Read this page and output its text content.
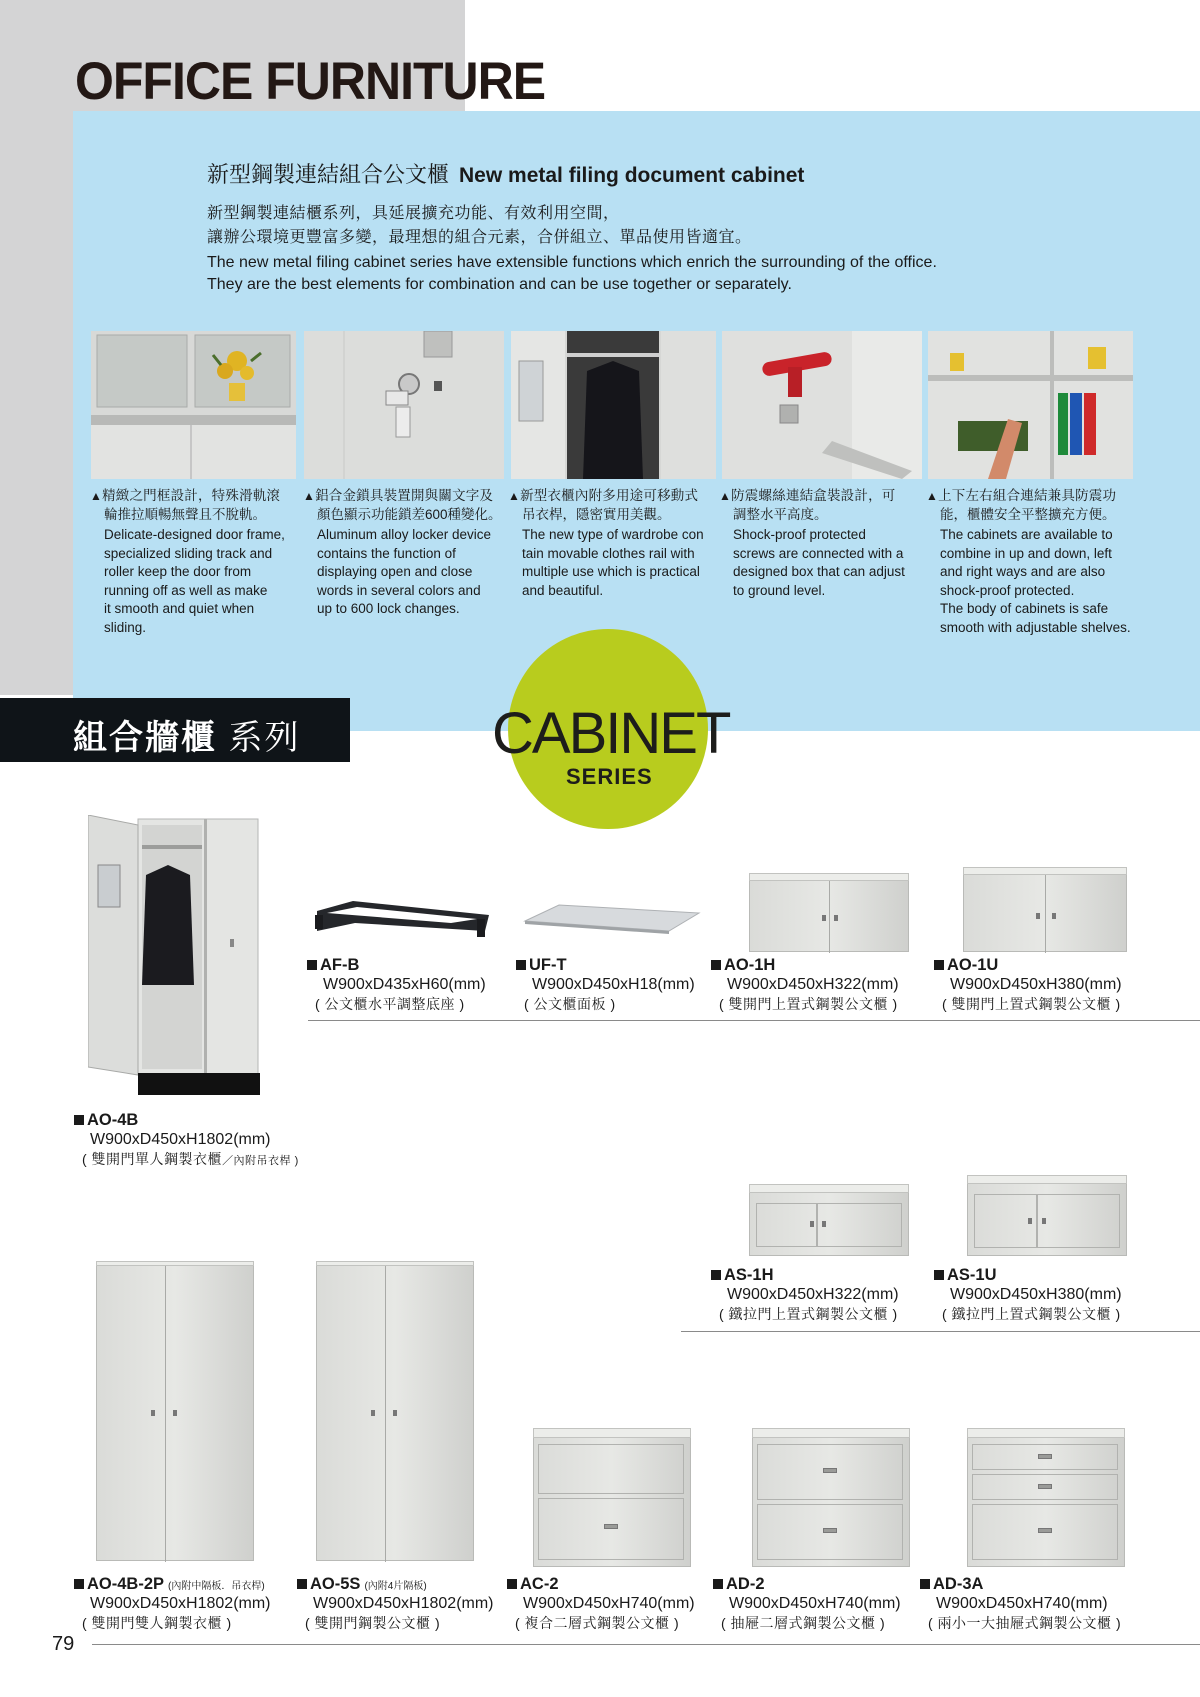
OFFICE FURNITURE
新型鋼製連結組合公文櫃 New metal filing document cabinet
新型鋼製連結櫃系列，具延展擴充功能、有效利用空間，
讓辦公環境更豐富多變，最理想的組合元素，合併組立、單品使用皆適宜。
The new metal filing cabinet series have extensible functions which enrich the surrounding of the office.
They are the best elements for combination and can be use together or separately.
▲精緻之門框設計，特殊滑軌滾
輪推拉順暢無聲且不脫軌。
Delicate-designed door frame,
specialized sliding track and
roller keep the door from
running off as well as make
it smooth and quiet when
sliding.
▲鋁合金鎖具裝置開與關文字及
顏色顯示功能鎖差600種變化。
Aluminum alloy locker device
contains the function of
displaying open and close
words in several colors and
up to 600 lock changes.
▲新型衣櫃內附多用途可移動式
吊衣桿，隱密實用美觀。
The new type of wardrobe con
tain movable clothes rail with
multiple use which is practical
and beautiful.
▲防震螺絲連結盒裝設計，可
調整水平高度。
Shock-proof protected
screws are connected with a
designed box that can adjust
to ground level.
▲上下左右組合連結兼具防震功
能，櫃體安全平整擴充方便。
The cabinets are available to
combine in up and down, left
and right ways and are also
shock-proof protected.
The body of cabinets is safe
smooth with adjustable shelves.
組合牆櫃 系列	CABINET
SERIES
AF-B
W900xD435xH60(mm)
( 公文櫃水平調整底座 )
UF-T
W900xD450xH18(mm)
( 公文櫃面板 )
AO-1H
W900xD450xH322(mm)
( 雙開門上置式鋼製公文櫃 )
AO-1U
W900xD450xH380(mm)
( 雙開門上置式鋼製公文櫃 )
AO-4B
W900xD450xH1802(mm)
( 雙開門單人鋼製衣櫃／內附吊衣桿 )
AS-1H
W900xD450xH322(mm)
( 鐵拉門上置式鋼製公文櫃 )
AS-1U
W900xD450xH380(mm)
( 鐵拉門上置式鋼製公文櫃 )
AO-4B-2P (內附中隔板．吊衣桿)
W900xD450xH1802(mm)
( 雙開門雙人鋼製衣櫃 )
AO-5S (內附4片隔板)
W900xD450xH1802(mm)
( 雙開門鋼製公文櫃 )
AC-2
W900xD450xH740(mm)
( 複合二層式鋼製公文櫃 )
AD-2
W900xD450xH740(mm)
( 抽屜二層式鋼製公文櫃 )
AD-3A
W900xD450xH740(mm)
( 兩小一大抽屜式鋼製公文櫃 )
79
